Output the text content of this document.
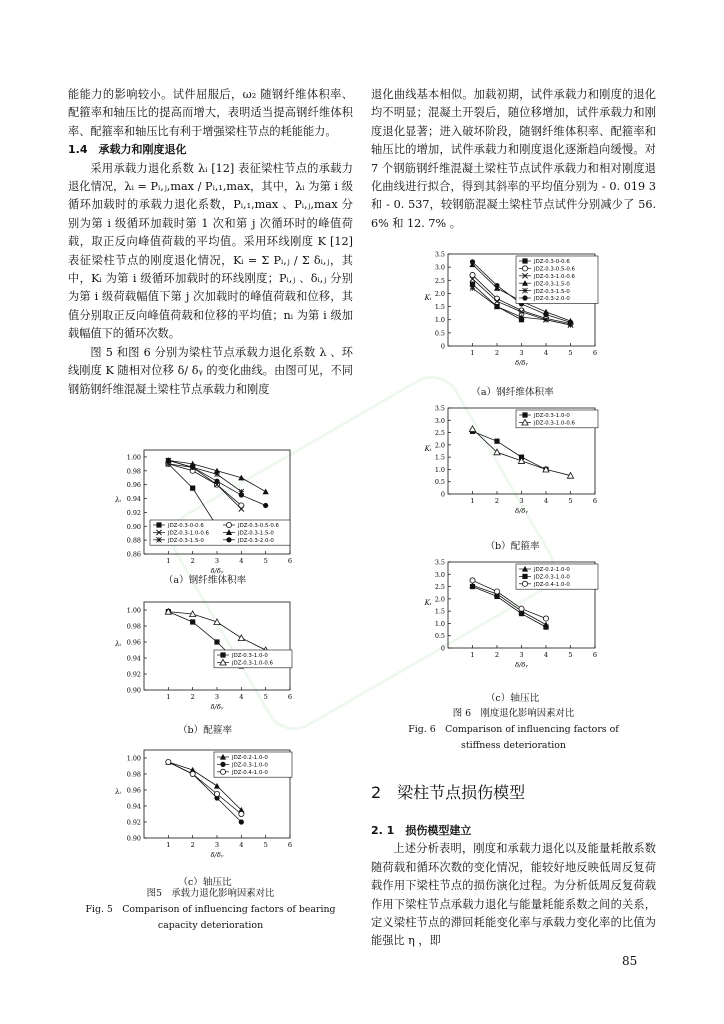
能能力的影响较小。试件屈服后，ω₂ 随钢纤维体积率、配箍率和轴压比的提高而增大，表明适当提高钢纤维体积率、配箍率和轴压比有利于增强梁柱节点的耗能能力。

1.4　承载力和刚度退化

采用承载力退化系数 λᵢ [12] 表征梁柱节点的承载力退化情况，λᵢ = Pᵢ,ⱼ,max / Pᵢ,₁,max，其中，λᵢ 为第 i 级循环加载时的承载力退化系数，Pᵢ,₁,max 、Pᵢ,ⱼ,max 分别为第 i 级循环加载时第 1 次和第 j 次循环时的峰值荷载，取正反向峰值荷载的平均值。采用环线刚度 K [12] 表征梁柱节点的刚度退化情况，Kᵢ = Σ Pᵢ,ⱼ / Σ δᵢ,ⱼ，其中，Kᵢ 为第 i 级循环加载时的环线刚度；Pᵢ,ⱼ 、δᵢ,ⱼ 分别为第 i 级荷载幅值下第 j 次加载时的峰值荷载和位移，其值分别取正反向峰值荷载和位移的平均值；nᵢ 为第 i 级加载幅值下的循环次数。

图 5 和图 6 分别为梁柱节点承载力退化系数 λ 、环线刚度 K 随相对位移 δ/ δᵧ 的变化曲线。由图可见，不同钢筋钢纤维混凝土梁柱节点承载力和刚度

退化曲线基本相似。加载初期，试件承载力和刚度的退化均不明显；混凝土开裂后，随位移增加，试件承载力和刚度退化显著；进入破坏阶段，随钢纤维体积率、配箍率和轴压比的增加，试件承载力和刚度退化逐渐趋向缓慢。对 7 个钢筋钢纤维混凝土梁柱节点试件承载力和相对刚度退化曲线进行拟合，得到其斜率的平均值分别为 - 0. 019 3 和 - 0. 537，较钢筋混凝土梁柱节点试件分别减少了 56. 6% 和 12. 7% 。

0.86
0.88
0.90
0.92
0.94
0.96
0.98
1.00
1	2	3	4	5	6
δ/δᵧ
λᵢ
JDZ-0.3-0-0.6	JDZ-0.3-0.5-0.6
JDZ-0.3-1.0-0.6	JDZ-0.3-1.5-0
JDZ-0.3-1.5-0	JDZ-0.3-2.0-0
（a）钢纤维体积率
0.90
0.92
0.94
0.96
0.98
1.00
1	2	3	4	5	6
δ/δᵧ
λᵢ
JDZ-0.3-1.0-0
JDZ-0.3-1.0-0.6
（b）配箍率
0.90
0.92
0.94
0.96
0.98
1.00
1	2	3	4	5	6
δ/δᵧ
λᵢ
JDZ-0.2-1.0-0
JDZ-0.3-1.0-0
JDZ-0.4-1.0-0
（c）轴压比
图5　承载力退化影响因素对比
Fig. 5　Comparison of influencing factors of bearing
capacity deterioration
0
0.5
1.0
1.5
2.0
2.5
3.0
3.5
1	2	3	4	5	6
δ/δᵧ
Kᵢ
JDZ-0.3-0-0.6
JDZ-0.3-0.5-0.6
JDZ-0.3-1.0-0.6
JDZ-0.3-1.5-0
JDZ-0.3-1.5-0
JDZ-0.3-2.0-0
（a）钢纤维体积率
0
0.5
1.0
1.5
2.0
2.5
3.0
3.5
1	2	3	4	5	6
δ/δᵧ
Kᵢ
JDZ-0.3-1.0-0
JDZ-0.3-1.0-0.6
（b）配箍率
0
0.5
1.0
1.5
2.0
2.5
3.0
3.5
1	2	3	4	5	6
δ/δᵧ
Kᵢ
JDZ-0.2-1.0-0
JDZ-0.3-1.0-0
JDZ-0.4-1.0-0
（c）轴压比
图 6　刚度退化影响因素对比
Fig. 6　Comparison of influencing factors of
stiffness deterioration
2　梁柱节点损伤模型

2. 1　损伤模型建立

上述分析表明，刚度和承载力退化以及能量耗散系数随荷载和循环次数的变化情况，能较好地反映低周反复荷载作用下梁柱节点的损伤演化过程。为分析低周反复荷载作用下梁柱节点承载力退化与能量耗能系数之间的关系，定义梁柱节点的滞回耗能变化率与承载力变化率的比值为能强比 η ，即

85
